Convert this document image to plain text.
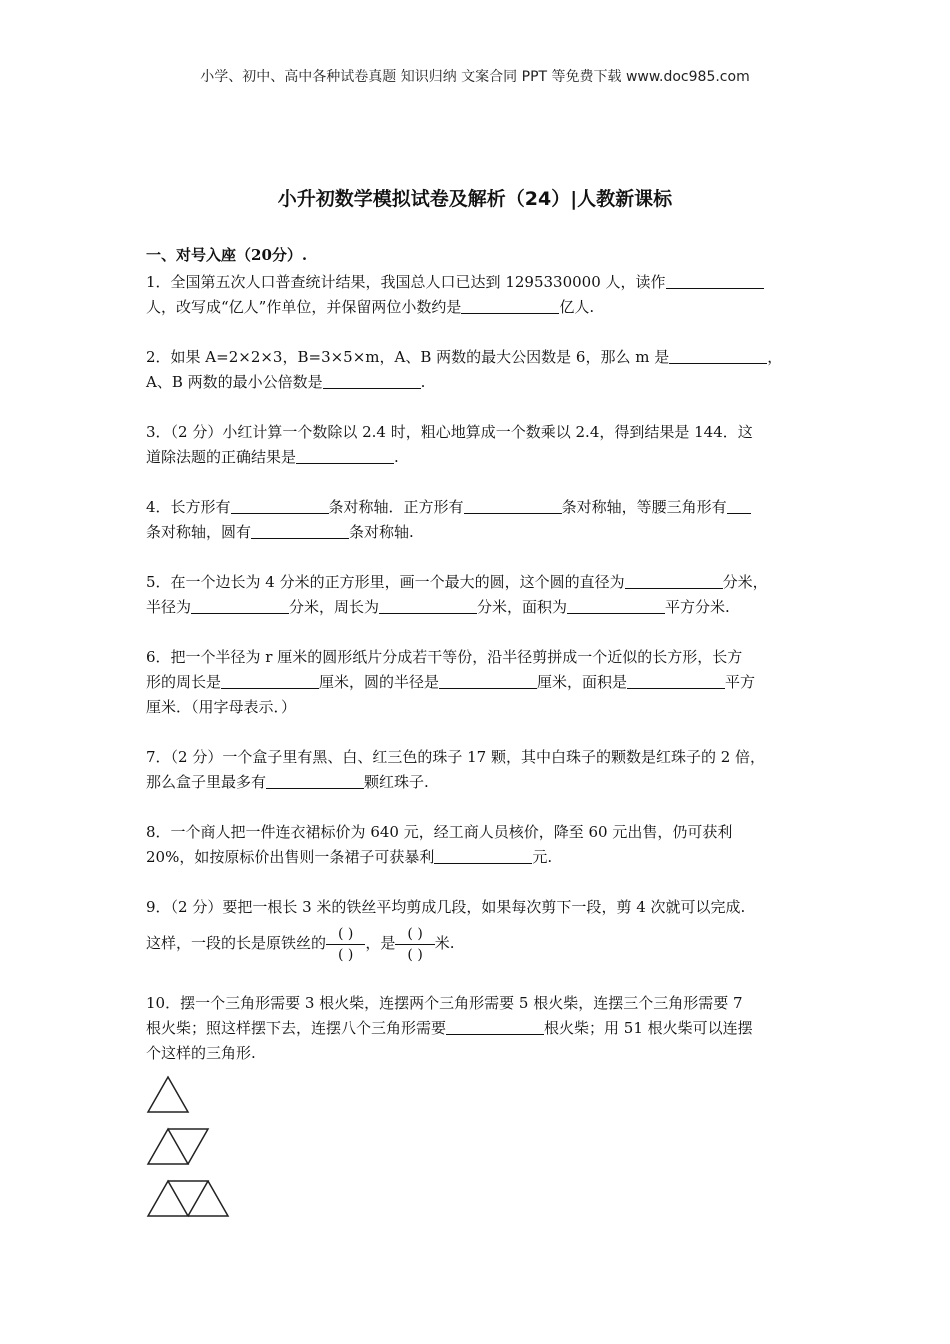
小学、初中、高中各种试卷真题 知识归纳 文案合同 PPT 等免费下载 www.doc985.com
小升初数学模拟试卷及解析（24）|人教新课标
一、对号入座（20分）.
1．全国第五次人口普查统计结果，我国总人口已达到 1295330000 人，读作
人，改写成“亿人”作单位，并保留两位小数约是	亿人.
2．如果 A=2×2×3，B=3×5×m，A、B 两数的最大公因数是 6，那么 m 是	，
A、B 两数的最小公倍数是	.
3．（2 分）小红计算一个数除以 2.4 时，粗心地算成一个数乘以 2.4，得到结果是 144．这
道除法题的正确结果是	.
4．长方形有	条对称轴．正方形有	条对称轴，等腰三角形有
条对称轴，圆有	条对称轴.
5．在一个边长为 4 分米的正方形里，画一个最大的圆，这个圆的直径为	分米，
半径为	分米，周长为	分米，面积为	平方分米.
6．把一个半径为 r 厘米的圆形纸片分成若干等份，沿半径剪拼成一个近似的长方形，长方
形的周长是	厘米，圆的半径是	厘米，面积是	平方
厘米．（用字母表示．）
7．（2 分）一个盒子里有黑、白、红三色的珠子 17 颗，其中白珠子的颗数是红珠子的 2 倍，
那么盒子里最多有	颗红珠子.
8．一个商人把一件连衣裙标价为 640 元，经工商人员核价，降至 60 元出售，仍可获利
20%，如按原标价出售则一条裙子可获暴利	元.
9．（2 分）要把一根长 3 米的铁丝平均剪成几段，如果每次剪下一段，剪 4 次就可以完成.
这样，一段的长是原铁丝的 $\frac{( )}{( )}$ ，是 $\frac{( )}{( )}$ 米.
10．摆一个三角形需要 3 根火柴，连摆两个三角形需要 5 根火柴，连摆三个三角形需要 7
根火柴；照这样摆下去，连摆八个三角形需要	根火柴；用 51 根火柴可以连摆
个这样的三角形.
